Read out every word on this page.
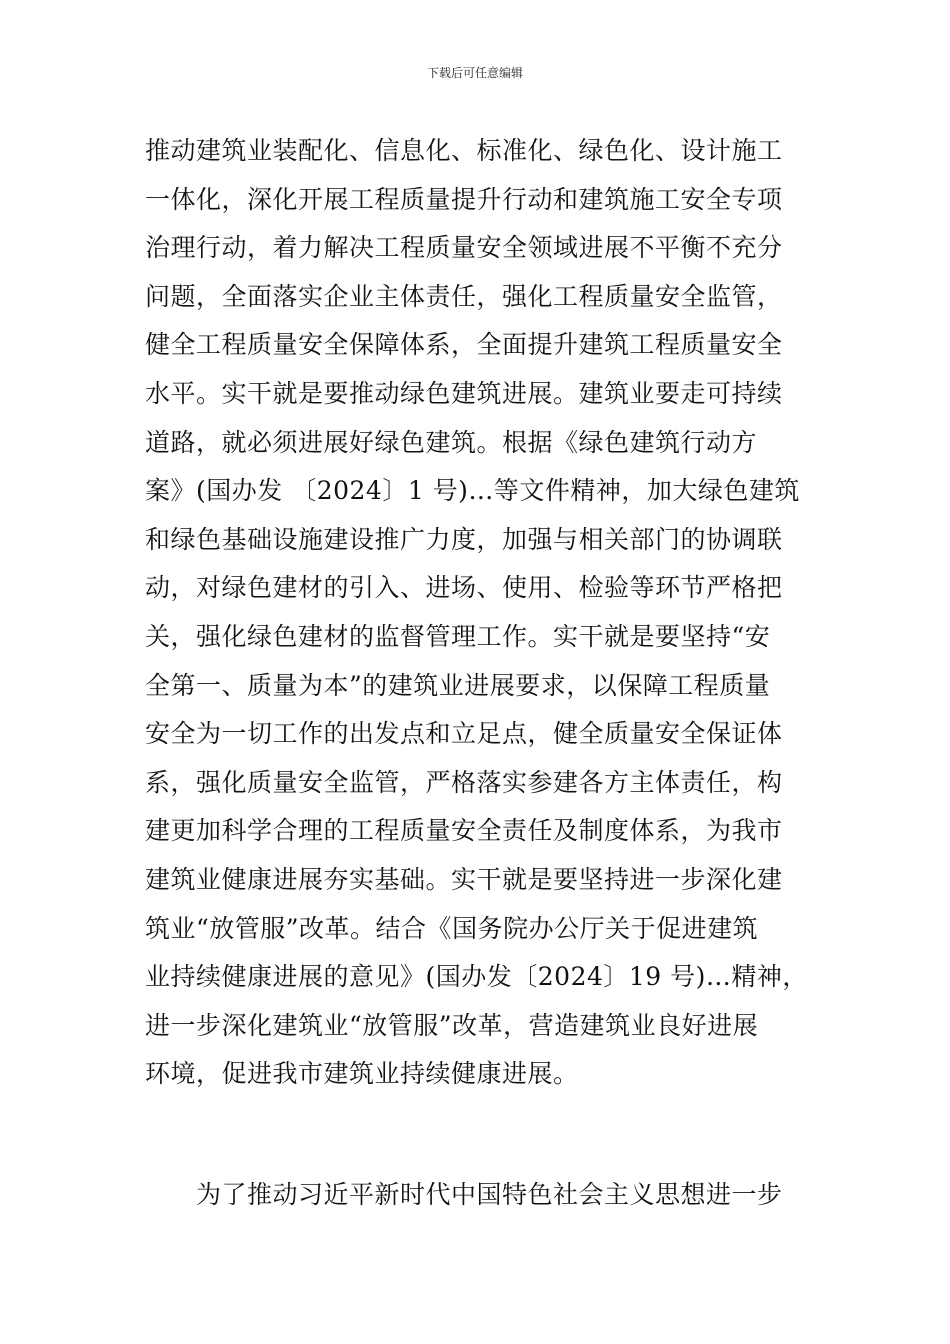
下载后可任意编辑
推动建筑业装配化、信息化、标准化、绿色化、设计施工
一体化，深化开展工程质量提升行动和建筑施工安全专项
治理行动，着力解决工程质量安全领域进展不平衡不充分
问题，全面落实企业主体责任，强化工程质量安全监管，
健全工程质量安全保障体系，全面提升建筑工程质量安全
水平。实干就是要推动绿色建筑进展。建筑业要走可持续
道路，就必须进展好绿色建筑。根据《绿色建筑行动方
案》(国办发 〔2024〕1 号)…等文件精神，加大绿色建筑
和绿色基础设施建设推广力度，加强与相关部门的协调联
动，对绿色建材的引入、进场、使用、检验等环节严格把
关，强化绿色建材的监督管理工作。实干就是要坚持“安
全第一、质量为本”的建筑业进展要求，以保障工程质量
安全为一切工作的出发点和立足点，健全质量安全保证体
系，强化质量安全监管，严格落实参建各方主体责任，构
建更加科学合理的工程质量安全责任及制度体系，为我市
建筑业健康进展夯实基础。实干就是要坚持进一步深化建
筑业“放管服”改革。结合《国务院办公厅关于促进建筑
业持续健康进展的意见》(国办发〔2024〕19 号)…精神，
进一步深化建筑业“放管服”改革，营造建筑业良好进展
环境，促进我市建筑业持续健康进展。
为了推动习近平新时代中国特色社会主义思想进一步
